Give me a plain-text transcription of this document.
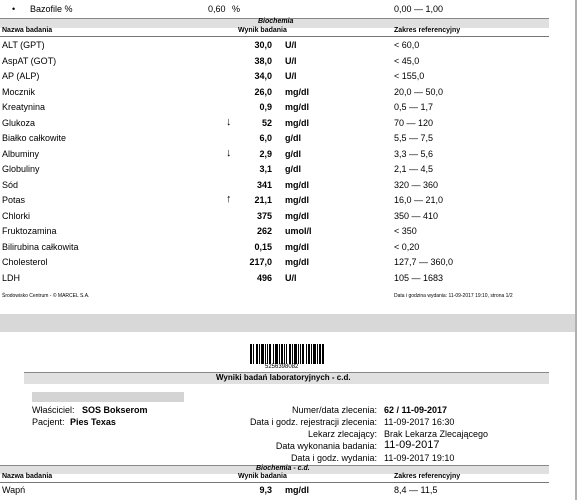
• Bazofile %	0,60 %	0,00 — 1,00
Biochemia
Nazwa badania	Wynik badania	Zakres referencyjny
ALT (GPT)	30,0 U/l	< 60,0
AspAT (GOT)	38,0 U/l	< 45,0
AP (ALP)	34,0 U/l	< 155,0
Mocznik	26,0 mg/dl	20,0 — 50,0
Kreatynina	0,9 mg/dl	0,5 — 1,7
Glukoza	↓	52 mg/dl	70 — 120
Białko całkowite	6,0 g/dl	5,5 — 7,5
Albuminy	↓	2,9 g/dl	3,3 — 5,6
Globuliny	3,1 g/dl	2,1 — 4,5
Sód	341 mg/dl	320 — 360
Potas	↑	21,1 mg/dl	16,0 — 21,0
Chlorki	375 mg/dl	350 — 410
Fruktozamina	262 umol/l	< 350
Bilirubina całkowita	0,15 mg/dl	< 0,20
Cholesterol	217,0 mg/dl	127,7 — 360,0
LDH	496 U/l	105 — 1683
Środowisko Centrum - © MARCEL S.A.	Data i godzina wydania: 11-09-2017 19:10, strona 1/2
5256398082
Wyniki badań laboratoryjnych - c.d.
Właściciel: SOS Bokserom
Pacjent: Pies Texas
Numer/data zlecenia: 62 / 11-09-2017
Data i godz. rejestracji zlecenia: 11-09-2017 16:30
Lekarz zlecający: Brak Lekarza Zlecającego
Data wykonania badania: 11-09-2017
Data i godz. wydania: 11-09-2017 19:10
Biochemia - c.d.
Nazwa badania	Wynik badania	Zakres referencyjny
Wapń	9,3 mg/dl	8,4 — 11,5
